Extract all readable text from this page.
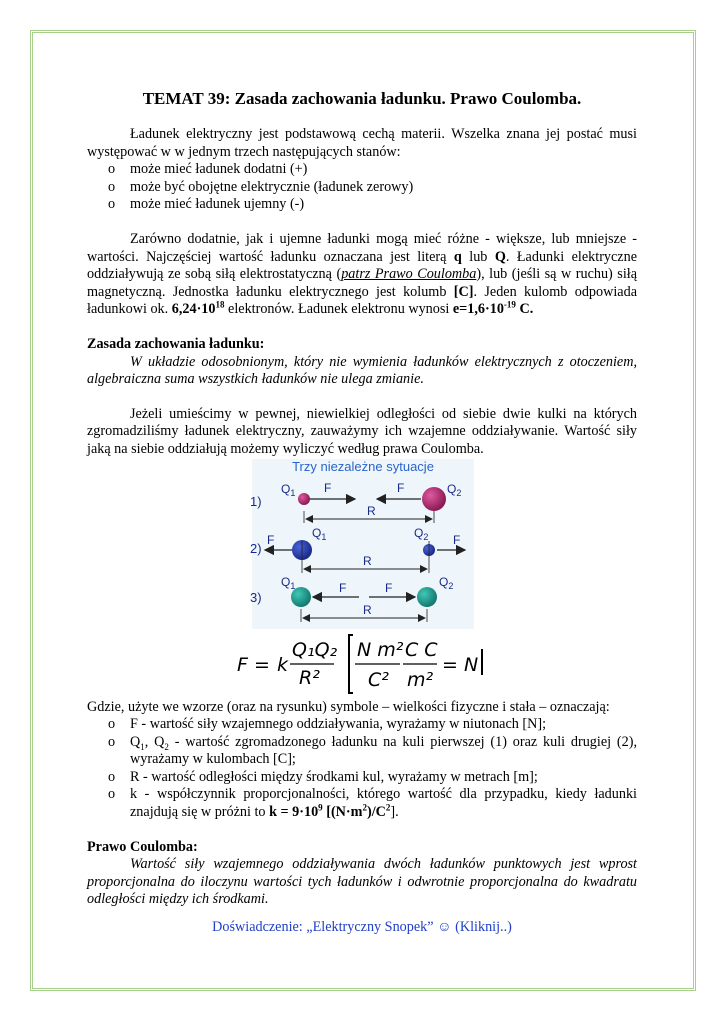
TEMAT 39: Zasada zachowania ładunku. Prawo Coulomba.

Ładunek elektryczny jest podstawową cechą materii. Wszelka znana jej postać musi występować w w jednym trzech następujących stanów:

o może mieć ładunek dodatni (+)
o może być obojętne elektrycznie (ładunek zerowy)
o może mieć ładunek ujemny (-)

Zarówno dodatnie, jak i ujemne ładunki mogą mieć różne - większe, lub mniejsze - wartości. Najczęściej wartość ładunku oznaczana jest literą q lub Q. Ładunki elektryczne oddziaływują ze sobą siłą elektrostatyczną (patrz Prawo Coulomba), lub (jeśli są w ruchu) siłą magnetyczną. Jednostka ładunku elektrycznego jest kolumb [C]. Jeden kulomb odpowiada ładunkowi ok. $6,24\cdot 10^{18}$ elektronów. Ładunek elektronu wynosi $e=1,6\cdot 10^{-19}$ C.

Zasada zachowania ładunku:

W układzie odosobnionym, który nie wymienia ładunków elektrycznych z otoczeniem, algebraiczna suma wszystkich ładunków nie ulega zmianie.

Jeżeli umieścimy w pewnej, niewielkiej odległości od siebie dwie kulki na których zgromadziliśmy ładunek elektryczny, zauważymy ich wzajemne oddziaływanie. Wartość siły jaką na siebie oddziałują możemy wyliczyć według prawa Coulomba.

Trzy niezależne sytuacje
1)
$Q_1$ F	F	$Q_2$
R
2)
$Q_1$	$Q_2$
F	F
R
3)
$Q_1$	$Q_2$
F	F
R
F = k
Q₁Q₂
R²
N m²
C²
C C
m²
= N

Gdzie, użyte we wzorze (oraz na rysunku) symbole – wielkości fizyczne i stała – oznaczają:

o F - wartość siły wzajemnego oddziaływania, wyrażamy w niutonach [N];
o $Q_1$, $Q_2$ - wartość zgromadzonego ładunku na kuli pierwszej (1) oraz kuli drugiej (2), wyrażamy w kulombach [C];
o R - wartość odległości między środkami kul, wyrażamy w metrach [m];
o k - współczynnik proporcjonalności, którego wartość dla przypadku, kiedy ładunki znajdują się w próżni to $k = 9\cdot 10^9$ $[(N\cdot m^2)/C^2]$.

Prawo Coulomba:

Wartość siły wzajemnego oddziaływania dwóch ładunków punktowych jest wprost proporcjonalna do iloczynu wartości tych ładunków i odwrotnie proporcjonalna do kwadratu odległości między ich środkami.

Doświadczenie: „Elektryczny Snopek” ☺ (Kliknij..)
